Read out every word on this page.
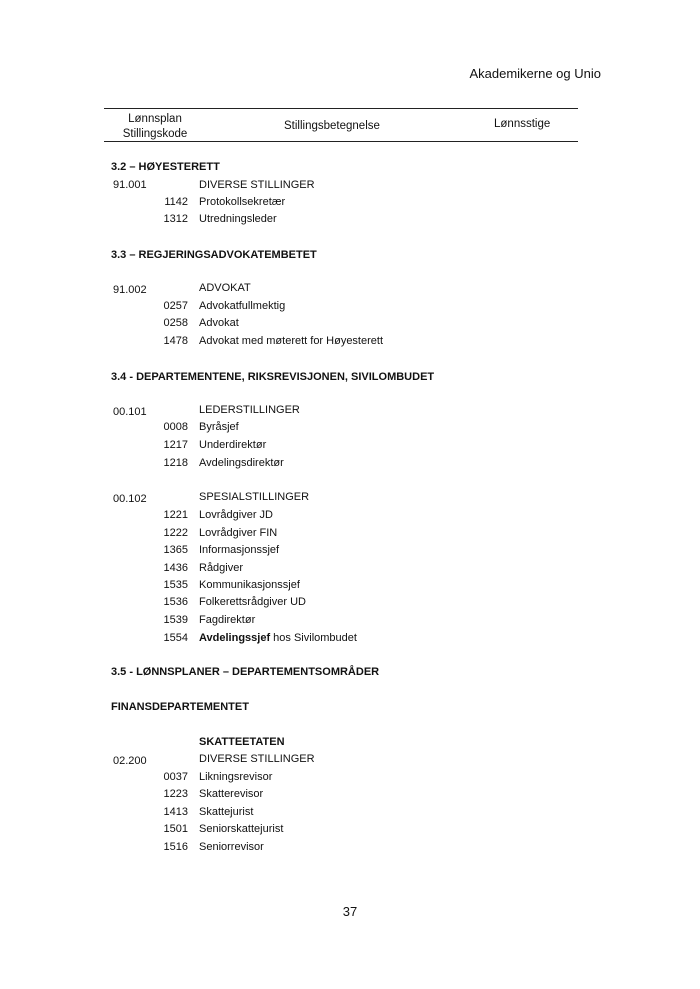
Akademikerne og Unio
Lønnsplan
Stillingskode
Stillingsbetegnelse	Lønnsstige
3.2 – HØYESTERETT
91.001	DIVERSE STILLINGER
1142 Protokollsekretær
1312 Utredningsleder
3.3 – REGJERINGSADVOKATEMBETET
91.002	ADVOKAT
0257 Advokatfullmektig
0258 Advokat
1478 Advokat med møterett for Høyesterett
3.4 - DEPARTEMENTENE, RIKSREVISJONEN, SIVILOMBUDET
00.101	LEDERSTILLINGER
0008 Byråsjef
1217 Underdirektør
1218 Avdelingsdirektør
00.102	SPESIALSTILLINGER
1221 Lovrådgiver JD
1222 Lovrådgiver FIN
1365 Informasjonssjef
1436 Rådgiver
1535 Kommunikasjonssjef
1536 Folkerettsrådgiver UD
1539 Fagdirektør
1554 Avdelingssjef hos Sivilombudet
3.5 - LØNNSPLANER – DEPARTEMENTSOMRÅDER
FINANSDEPARTEMENTET
SKATTEETATEN
02.200	DIVERSE STILLINGER
0037 Likningsrevisor
1223 Skatterevisor
1413 Skattejurist
1501 Seniorskattejurist
1516 Seniorrevisor
37
